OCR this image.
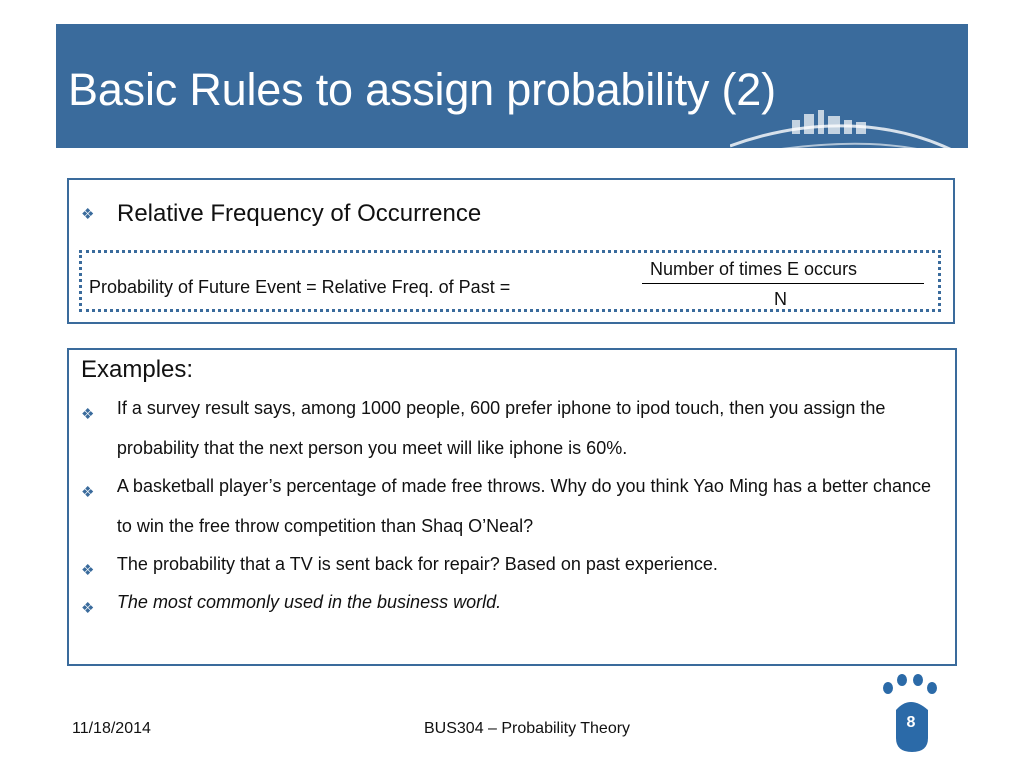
Basic Rules to assign probability (2)
❖ Relative Frequency of Occurrence
Probability of Future Event = Relative Freq. of Past =
Number of times E occurs
N
Examples:
❖	If a survey result says, among 1000 people, 600 prefer iphone to ipod touch, then you assign the probability that the next person you meet will like iphone is 60%.
❖	A basketball player’s percentage of made free throws. Why do you think Yao Ming has a better chance to win the free throw competition than Shaq O’Neal?
❖	The probability that a TV is sent back for repair? Based on past experience.
❖	The most commonly used in the business world.
11/18/2014	BUS304 – Probability Theory	8
